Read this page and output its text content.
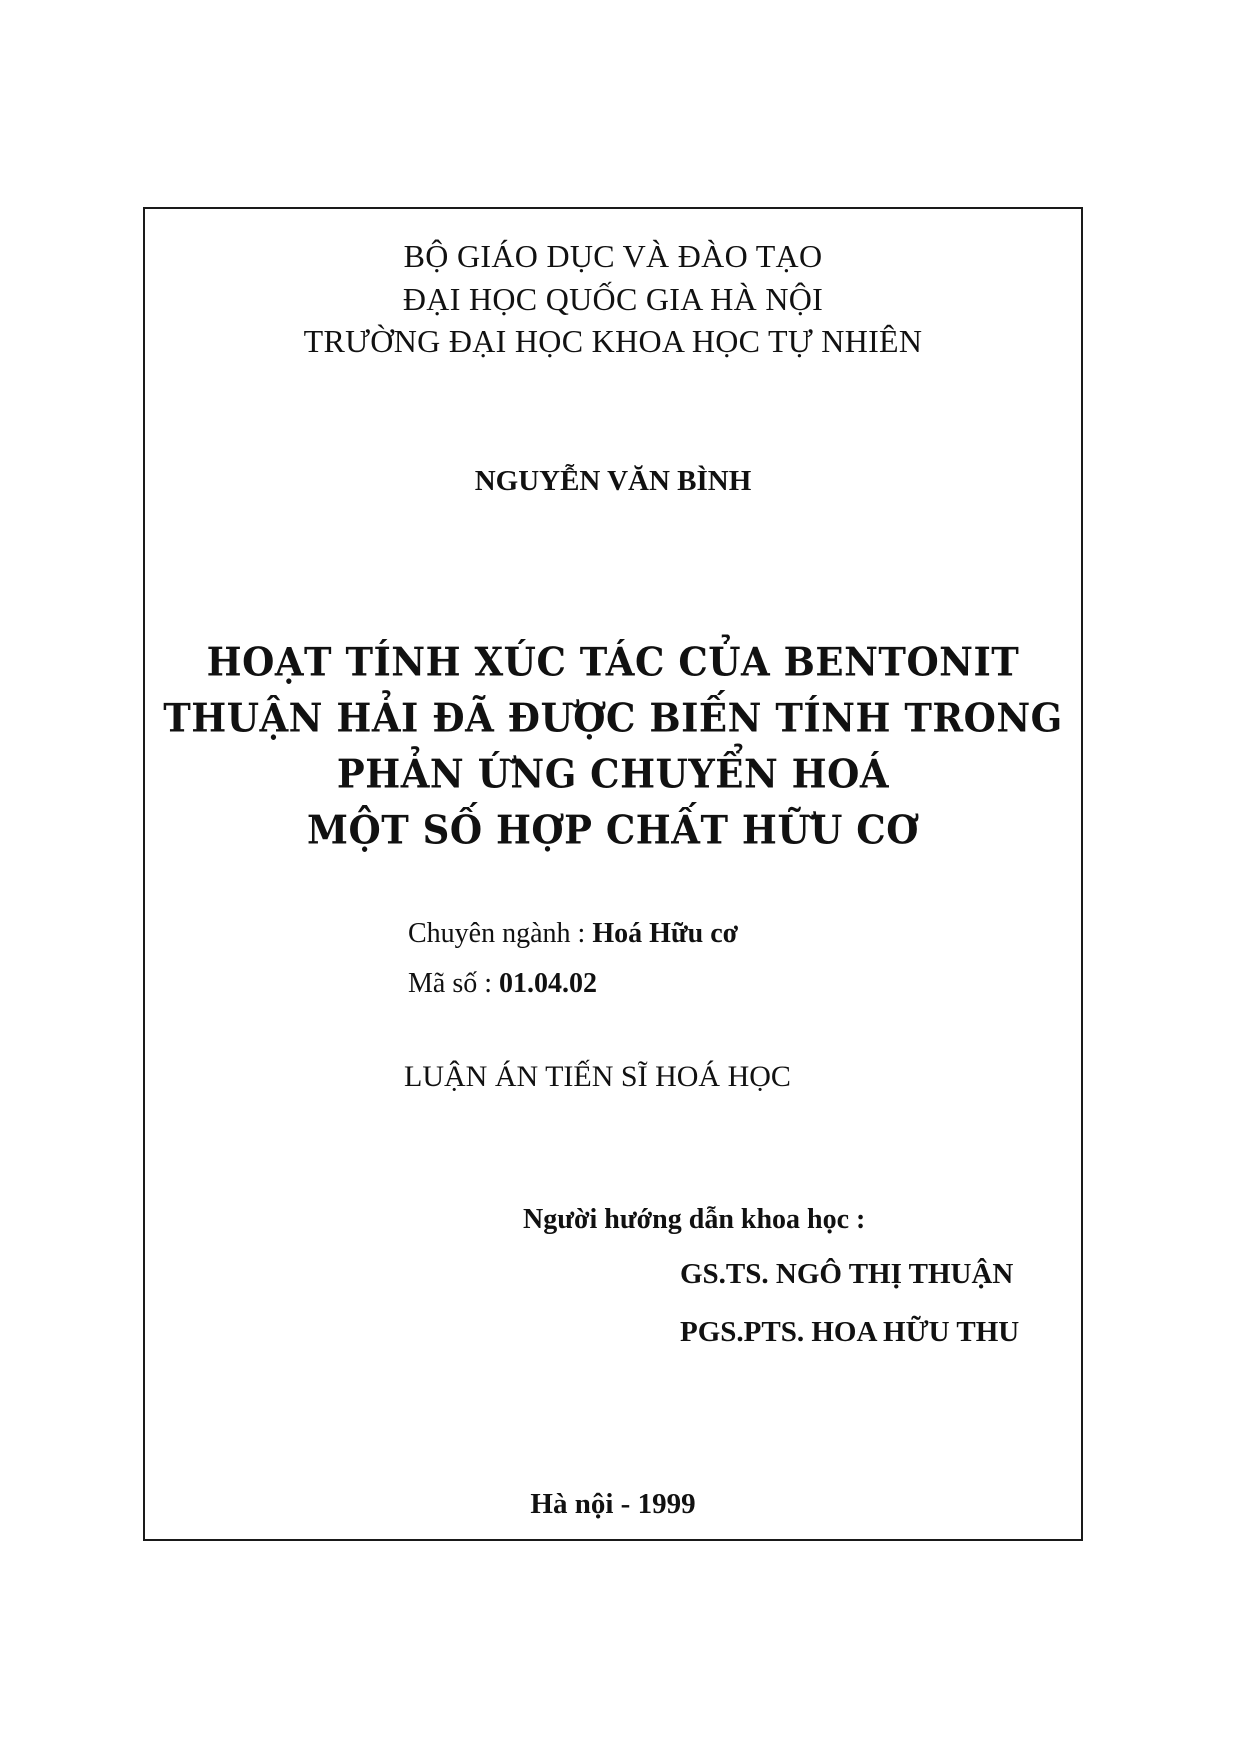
BỘ GIÁO DỤC VÀ ĐÀO TẠO
ĐẠI HỌC QUỐC GIA HÀ NỘI
TRƯỜNG ĐẠI HỌC KHOA HỌC TỰ NHIÊN
NGUYỄN VĂN BÌNH
HOẠT TÍNH XÚC TÁC CỦA BENTONIT
THUẬN HẢI ĐÃ ĐƯỢC BIẾN TÍNH TRONG
PHẢN ỨNG CHUYỂN HOÁ
MỘT SỐ HỢP CHẤT HỮU CƠ
Chuyên ngành : Hoá Hữu cơ
Mã số : 01.04.02
LUẬN ÁN TIẾN SĨ HOÁ HỌC
Người hướng dẫn khoa học :
GS.TS. NGÔ THỊ THUẬN
PGS.PTS. HOA HỮU THU
Hà nội - 1999
